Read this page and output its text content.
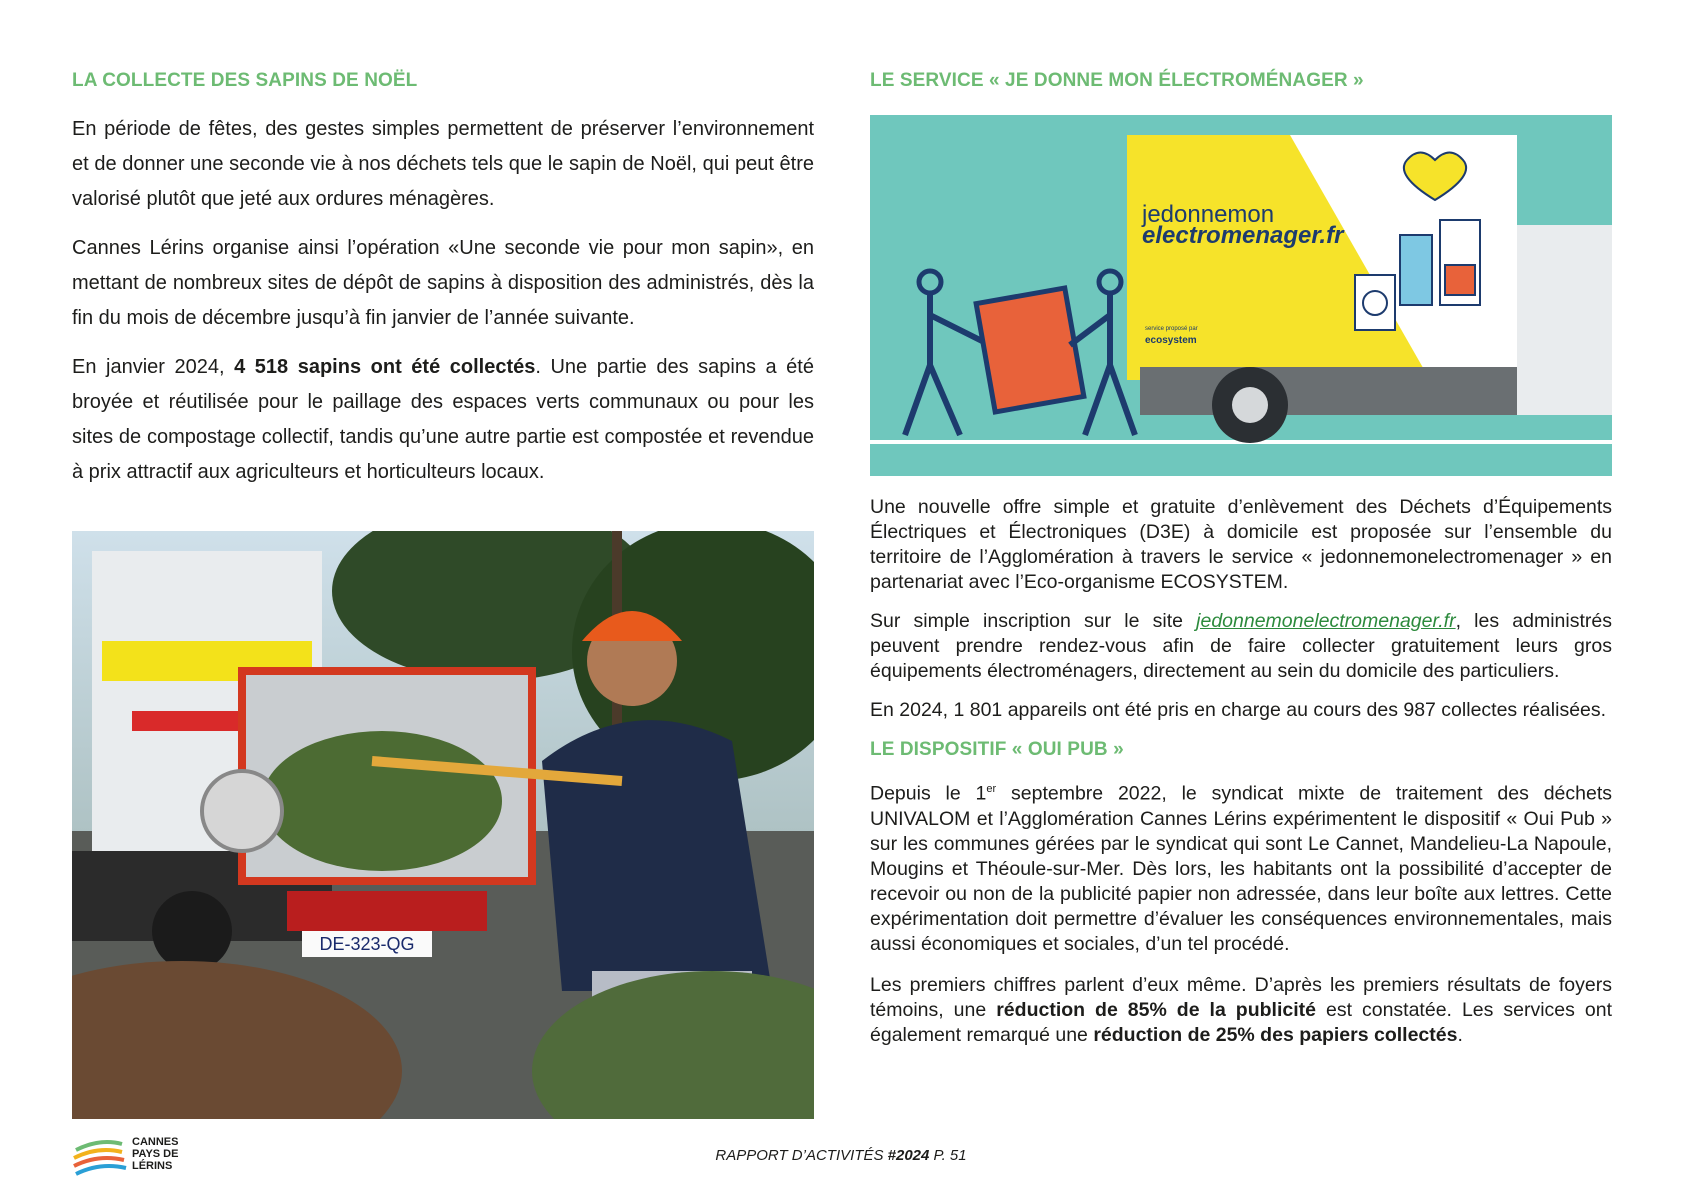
LA COLLECTE DES SAPINS DE NOËL

En période de fêtes, des gestes simples permettent de préserver l’environnement et de donner une seconde vie à nos déchets tels que le sapin de Noël, qui peut être valorisé plutôt que jeté aux ordures ménagères.

Cannes Lérins organise ainsi l’opération «Une seconde vie pour mon sapin», en mettant de nombreux sites de dépôt de sapins à disposition des administrés, dès la fin du mois de décembre jusqu’à fin janvier de l’année suivante.

En janvier 2024, 4 518 sapins ont été collectés. Une partie des sapins a été broyée et réutilisée pour le paillage des espaces verts communaux ou pour les sites de compostage collectif, tandis qu’une autre partie est compostée et revendue à prix attractif aux agriculteurs et horticulteurs locaux.

DE-323-QG
LE SERVICE « JE DONNE MON ÉLECTROMÉNAGER »
jedonnemon
electromenager.fr
service proposé par
ecosystem

Une nouvelle offre simple et gratuite d’enlèvement des Déchets d’Équipements Électriques et Électroniques (D3E) à domicile est proposée sur l’ensemble du territoire de l’Agglomération à travers le service « jedonnemonelectromenager » en partenariat avec l’Eco-organisme ECOSYSTEM.

Sur simple inscription sur le site jedonnemonelectromenager.fr, les administrés peuvent prendre rendez-vous afin de faire collecter gratuitement leurs gros équipements électroménagers, directement au sein du domicile des particuliers.

En 2024, 1 801 appareils ont été pris en charge au cours des 987 collectes réalisées.

LE DISPOSITIF « OUI PUB »

Depuis le 1er septembre 2022, le syndicat mixte de traitement des déchets UNIVALOM et l’Agglomération Cannes Lérins expérimentent le dispositif « Oui Pub » sur les communes gérées par le syndicat qui sont Le Cannet, Mandelieu-La Napoule, Mougins et Théoule-sur-Mer. Dès lors, les habitants ont la possibilité d’accepter de recevoir ou non de la publicité papier non adressée, dans leur boîte aux lettres. Cette expérimentation doit permettre d’évaluer les conséquences environnementales, mais aussi économiques et sociales, d’un tel procédé.

Les premiers chiffres parlent d’eux même. D’après les premiers résultats de foyers témoins, une réduction de 85% de la publicité est constatée. Les services ont également remarqué une réduction de 25% des papiers collectés.

CANNES
PAYS DE
LÉRINS
RAPPORT D’ACTIVITÉS #2024 P. 51
